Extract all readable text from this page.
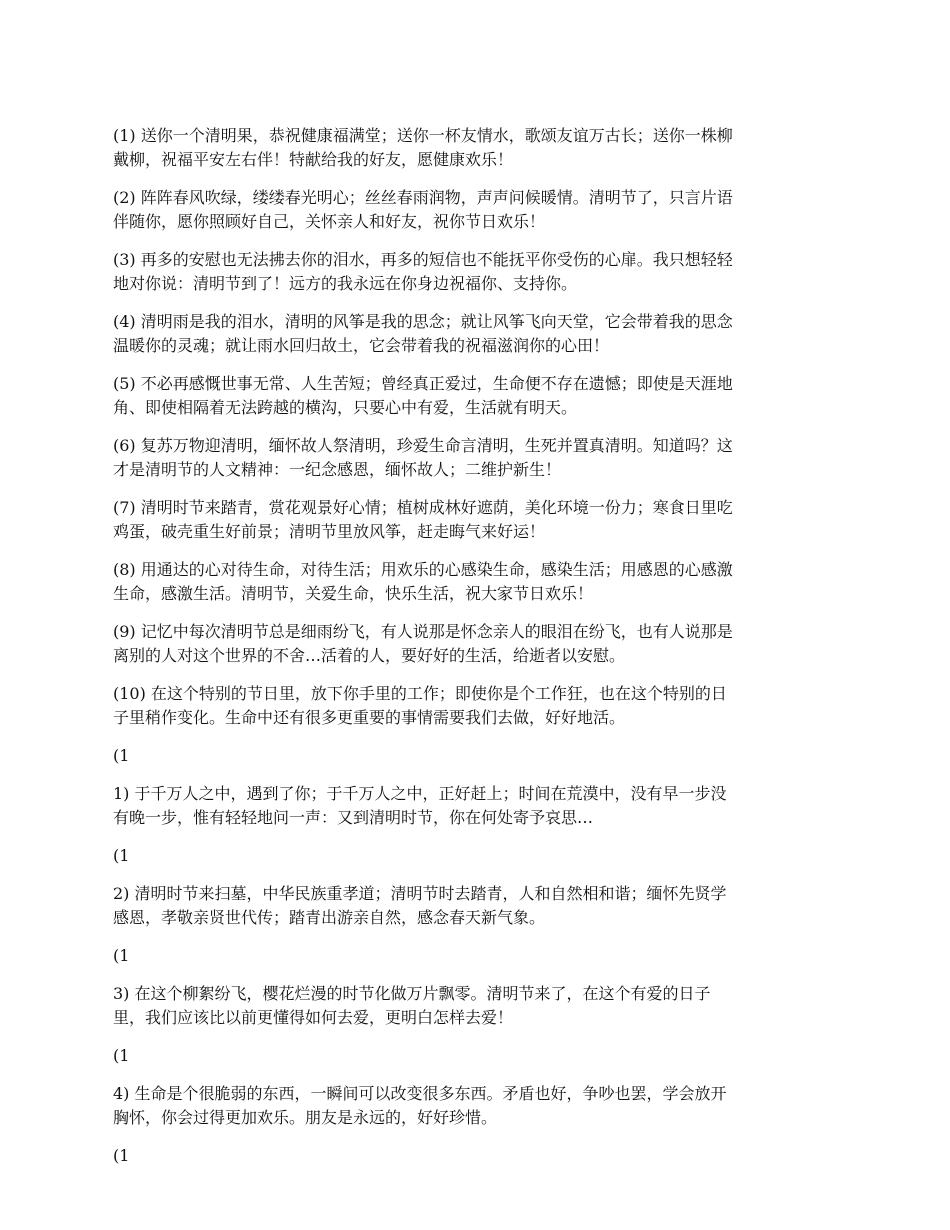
(1) 送你一个清明果，恭祝健康福满堂；送你一杯友情水，歌颂友谊万古长；送你一株柳
戴柳，祝福平安左右伴！特献给我的好友，愿健康欢乐！
(2) 阵阵春风吹绿，缕缕春光明心；丝丝春雨润物，声声问候暖情。清明节了，只言片语
伴随你，愿你照顾好自己，关怀亲人和好友，祝你节日欢乐！
(3) 再多的安慰也无法拂去你的泪水，再多的短信也不能抚平你受伤的心扉。我只想轻轻
地对你说：清明节到了！远方的我永远在你身边祝福你、支持你。
(4) 清明雨是我的泪水，清明的风筝是我的思念；就让风筝飞向天堂，它会带着我的思念
温暖你的灵魂；就让雨水回归故土，它会带着我的祝福滋润你的心田！
(5) 不必再感慨世事无常、人生苦短；曾经真正爱过，生命便不存在遗憾；即使是天涯地
角、即使相隔着无法跨越的横沟，只要心中有爱，生活就有明天。
(6) 复苏万物迎清明，缅怀故人祭清明，珍爱生命言清明，生死并置真清明。知道吗？这
才是清明节的人文精神：一纪念感恩，缅怀故人；二维护新生！
(7) 清明时节来踏青，赏花观景好心情；植树成林好遮荫，美化环境一份力；寒食日里吃
鸡蛋，破壳重生好前景；清明节里放风筝，赶走晦气来好运！
(8) 用通达的心对待生命，对待生活；用欢乐的心感染生命，感染生活；用感恩的心感激
生命，感激生活。清明节，关爱生命，快乐生活，祝大家节日欢乐！
(9) 记忆中每次清明节总是细雨纷飞，有人说那是怀念亲人的眼泪在纷飞，也有人说那是
离别的人对这个世界的不舍…活着的人，要好好的生活，给逝者以安慰。
(10) 在这个特别的节日里，放下你手里的工作；即使你是个工作狂，也在这个特别的日
子里稍作变化。生命中还有很多更重要的事情需要我们去做，好好地活。
(1
1) 于千万人之中，遇到了你；于千万人之中，正好赶上；时间在荒漠中，没有早一步没
有晚一步，惟有轻轻地问一声：又到清明时节，你在何处寄予哀思…
(1
2) 清明时节来扫墓，中华民族重孝道；清明节时去踏青，人和自然相和谐；缅怀先贤学
感恩，孝敬亲贤世代传；踏青出游亲自然，感念春天新气象。
(1
3) 在这个柳絮纷飞，樱花烂漫的时节化做万片飘零。清明节来了，在这个有爱的日子
里，我们应该比以前更懂得如何去爱，更明白怎样去爱！
(1
4) 生命是个很脆弱的东西，一瞬间可以改变很多东西。矛盾也好，争吵也罢，学会放开
胸怀，你会过得更加欢乐。朋友是永远的，好好珍惜。
(1
